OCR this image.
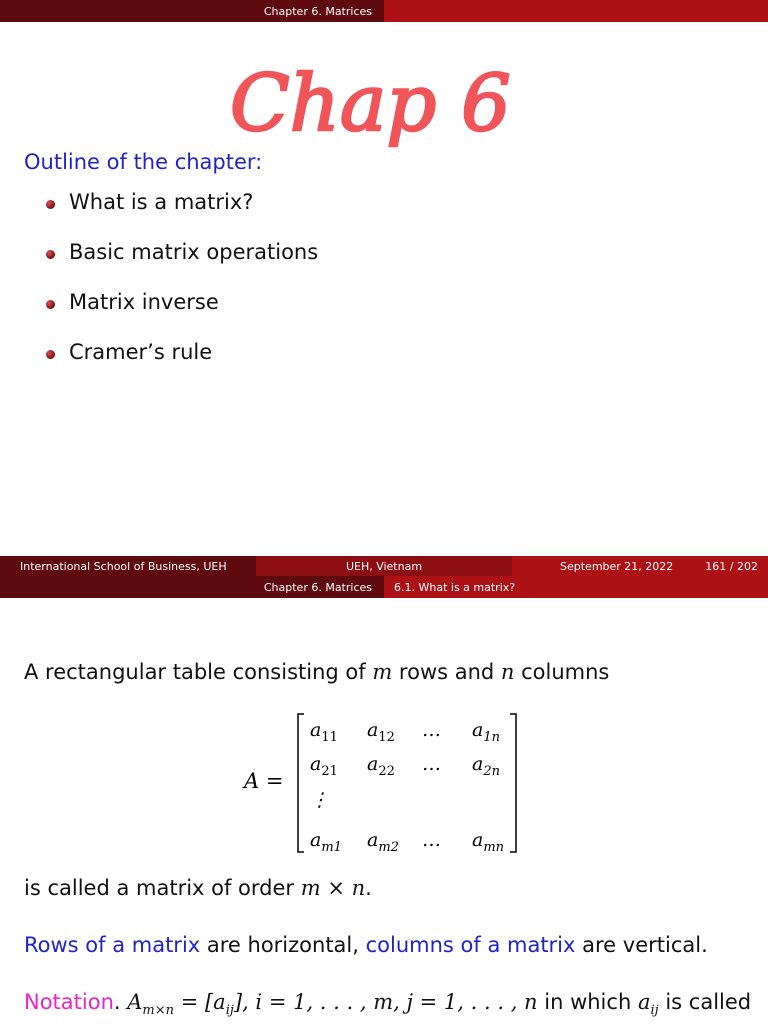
Chapter 6. Matrices
Chap 6
Outline of the chapter:
What is a matrix?
Basic matrix operations
Matrix inverse
Cramer’s rule
International School of Business, UEH	UEH, Vietnam	September 21, 2022	161 / 202
Chapter 6. Matrices	6.1. What is a matrix?
A rectangular table consisting of m rows and n columns
A =
$a_{11}$ $a_{12}$ … $a_{1n}$
$a_{21}$ $a_{22}$ … $a_{2n}$
⋮
$a_{m1}$ $a_{m2}$ … $a_{mn}$
is called a matrix of order m × n.
Rows of a matrix are horizontal, columns of a matrix are vertical.
Notation. $A_{m\times n} = [a_{ij}]$, i = 1, . . . , m, j = 1, . . . , n in which $a_{ij}$ is called
